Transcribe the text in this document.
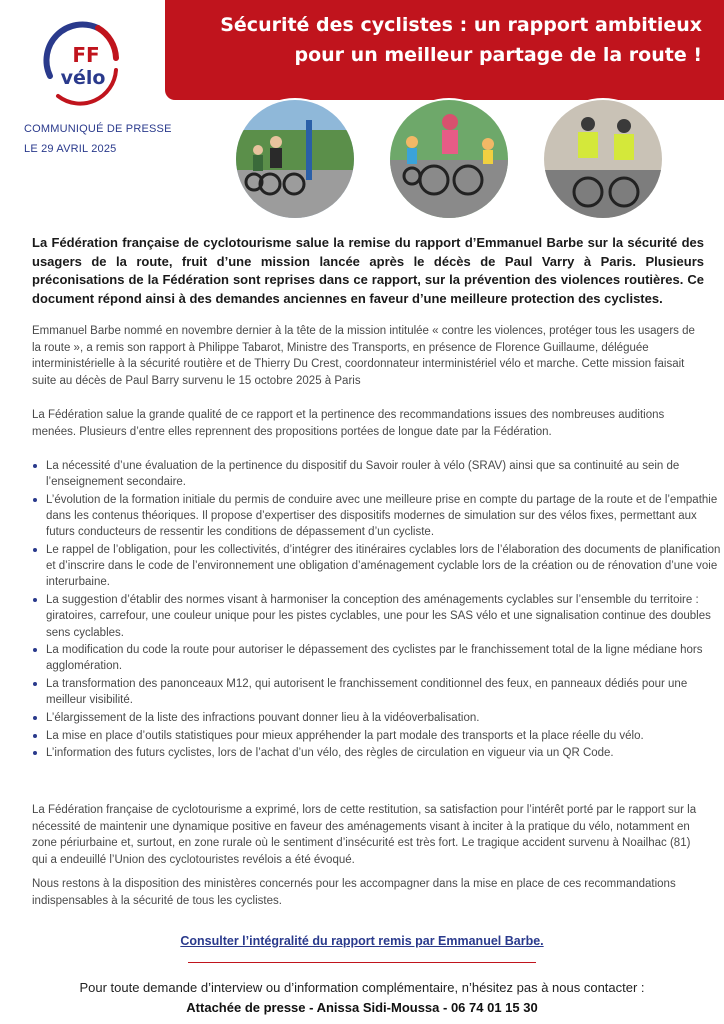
Sécurité des cyclistes : un rapport ambitieux
pour un meilleur partage de la route !
FF
vélo
COMMUNIQUÉ DE PRESSE
LE 29 AVRIL 2025
La Fédération française de cyclotourisme salue la remise du rapport d’Emmanuel Barbe sur la sécurité des usagers de la route, fruit d’une mission lancée après le décès de Paul Varry à Paris. Plusieurs préconisations de la Fédération sont reprises dans ce rapport, sur la prévention des violences routières. Ce document répond ainsi à des demandes anciennes en faveur d’une meilleure protection des cyclistes.
Emmanuel Barbe nommé en novembre dernier à la tête de la mission intitulée « contre les violences, protéger tous les usagers de la route », a remis son rapport à Philippe Tabarot, Ministre des Transports, en présence de Florence Guillaume, déléguée interministérielle à la sécurité routière et de Thierry Du Crest, coordonnateur interministériel vélo et marche. Cette mission faisait suite au décès de Paul Barry survenu le 15 octobre 2025 à Paris
La Fédération salue la grande qualité de ce rapport et la pertinence des recommandations issues des nombreuses auditions menées. Plusieurs d’entre elles reprennent des propositions portées de longue date par la Fédération.
La nécessité d’une évaluation de la pertinence du dispositif du Savoir rouler à vélo (SRAV) ainsi que sa continuité au sein de l’enseignement secondaire.
L’évolution de la formation initiale du permis de conduire avec une meilleure prise en compte du partage de la route et de l’empathie dans les contenus théoriques. Il propose d’expertiser des dispositifs modernes de simulation sur des vélos fixes, permettant aux futurs conducteurs de ressentir les conditions de dépassement d’un cycliste.
Le rappel de l’obligation, pour les collectivités, d’intégrer des itinéraires cyclables lors de l’élaboration des documents de planification et d’inscrire dans le code de l’environnement une obligation d’aménagement cyclable lors de la création ou de rénovation d’une voie interurbaine.
La suggestion d’établir des normes visant à harmoniser la conception des aménagements cyclables sur l’ensemble du territoire : giratoires, carrefour, une couleur unique pour les pistes cyclables, une pour les SAS vélo et une signalisation continue des doubles sens cyclables.
La modification du code la route pour autoriser le dépassement des cyclistes par le franchissement total de la ligne médiane hors agglomération.
La transformation des panonceaux M12, qui autorisent le franchissement conditionnel des feux, en panneaux dédiés pour une meilleur visibilité.
L’élargissement de la liste des infractions pouvant donner lieu à la vidéoverbalisation.
La mise en place d’outils statistiques pour mieux appréhender la part modale des transports et la place réelle du vélo.
L’information des futurs cyclistes, lors de l’achat d’un vélo, des règles de circulation en vigueur via un QR Code.
La Fédération française de cyclotourisme a exprimé, lors de cette restitution, sa satisfaction pour l’intérêt porté par le rapport sur la nécessité de maintenir une dynamique positive en faveur des aménagements visant à inciter à la pratique du vélo, notamment en zone périurbaine et, surtout, en zone rurale où le sentiment d’insécurité est très fort. Le tragique accident survenu à Noailhac (81) qui a endeuillé l’Union des cyclotouristes revélois a été évoqué.
Nous restons à la disposition des ministères concernés pour les accompagner dans la mise en place de ces recommandations indispensables à la sécurité de tous les cyclistes.
Consulter l’intégralité du rapport remis par Emmanuel Barbe.
Pour toute demande d’interview ou d’information complémentaire, n’hésitez pas à nous contacter :
Attachée de presse - Anissa Sidi-Moussa - 06 74 01 15 30
